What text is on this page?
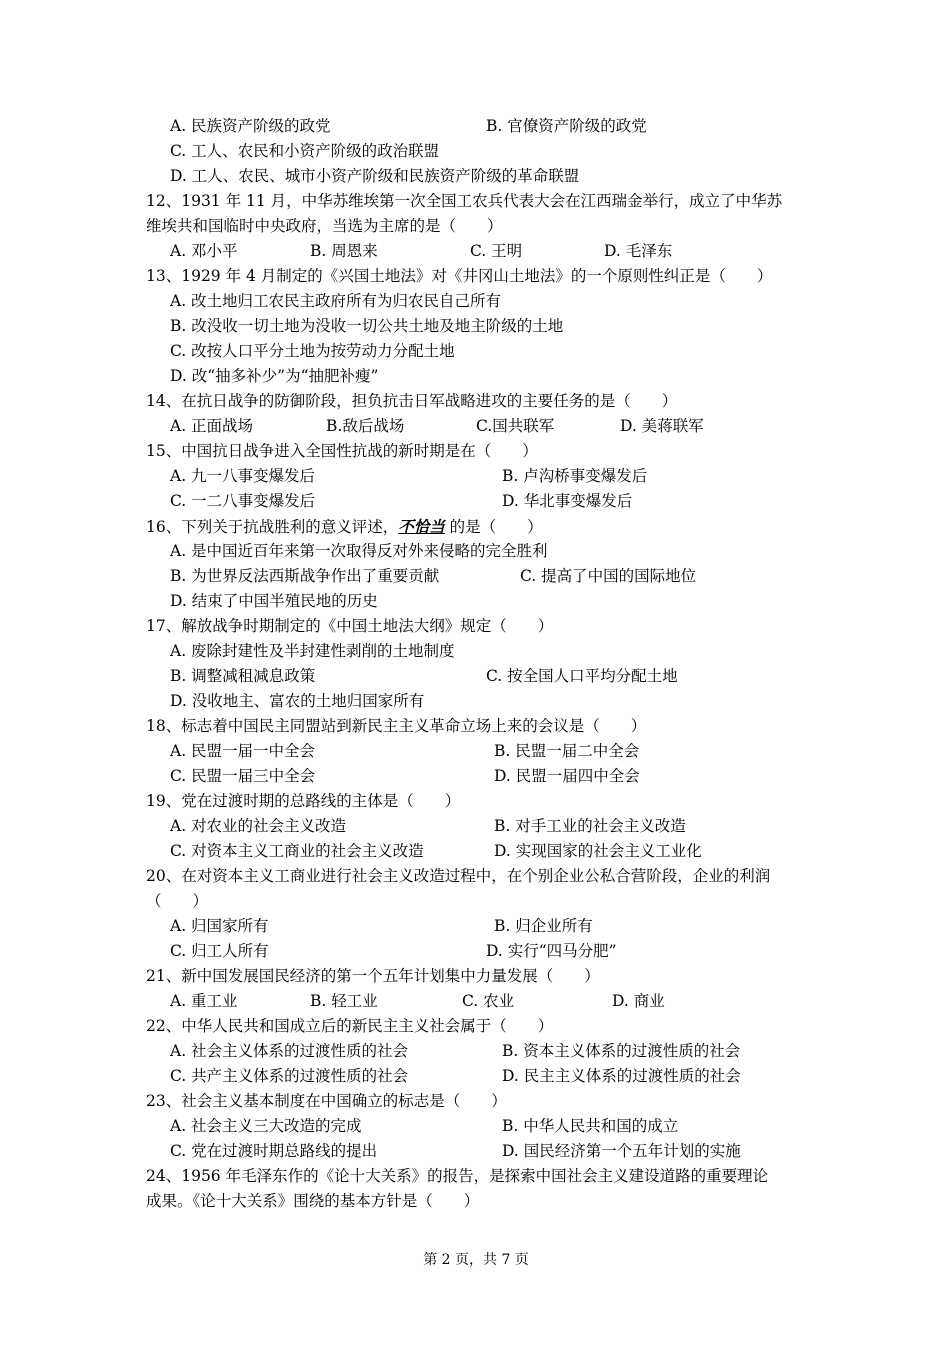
A. 民族资产阶级的政党	B. 官僚资产阶级的政党
C. 工人、农民和小资产阶级的政治联盟
D. 工人、农民、城市小资产阶级和民族资产阶级的革命联盟
12、1931 年 11 月，中华苏维埃第一次全国工农兵代表大会在江西瑞金举行，成立了中华苏
维埃共和国临时中央政府，当选为主席的是（　　）
A. 邓小平	B. 周恩来	C. 王明	D. 毛泽东
13、1929 年 4 月制定的《兴国土地法》对《井冈山土地法》的一个原则性纠正是（　　）
A. 改土地归工农民主政府所有为归农民自己所有
B. 改没收一切土地为没收一切公共土地及地主阶级的土地
C. 改按人口平分土地为按劳动力分配土地
D. 改“抽多补少”为“抽肥补瘦”
14、在抗日战争的防御阶段，担负抗击日军战略进攻的主要任务的是（　　）
A. 正面战场	B.敌后战场	C.国共联军	D. 美蒋联军
15、中国抗日战争进入全国性抗战的新时期是在（　　）
A. 九一八事变爆发后	B. 卢沟桥事变爆发后
C. 一二八事变爆发后	D. 华北事变爆发后
16、下列关于抗战胜利的意义评述，不恰当 的是（　　）
A. 是中国近百年来第一次取得反对外来侵略的完全胜利
B. 为世界反法西斯战争作出了重要贡献	C. 提高了中国的国际地位
D. 结束了中国半殖民地的历史
17、解放战争时期制定的《中国土地法大纲》规定（　　）
A. 废除封建性及半封建性剥削的土地制度
B. 调整减租减息政策	C. 按全国人口平均分配土地
D. 没收地主、富农的土地归国家所有
18、标志着中国民主同盟站到新民主主义革命立场上来的会议是（　　）
A. 民盟一届一中全会	B. 民盟一届二中全会
C. 民盟一届三中全会	D. 民盟一届四中全会
19、党在过渡时期的总路线的主体是（　　）
A. 对农业的社会主义改造	B. 对手工业的社会主义改造
C. 对资本主义工商业的社会主义改造	D. 实现国家的社会主义工业化
20、在对资本主义工商业进行社会主义改造过程中，在个别企业公私合营阶段，企业的利润
（　　）
A. 归国家所有	B. 归企业所有
C. 归工人所有	D. 实行“四马分肥”
21、新中国发展国民经济的第一个五年计划集中力量发展（　　）
A. 重工业	B. 轻工业	C. 农业	D. 商业
22、中华人民共和国成立后的新民主主义社会属于（　　）
A. 社会主义体系的过渡性质的社会	B. 资本主义体系的过渡性质的社会
C. 共产主义体系的过渡性质的社会	D. 民主主义体系的过渡性质的社会
23、社会主义基本制度在中国确立的标志是（　　）
A. 社会主义三大改造的完成	B. 中华人民共和国的成立
C. 党在过渡时期总路线的提出	D. 国民经济第一个五年计划的实施
24、1956 年毛泽东作的《论十大关系》的报告，是探索中国社会主义建设道路的重要理论
成果。《论十大关系》围绕的基本方针是（　　）
第 2 页，共 7 页
